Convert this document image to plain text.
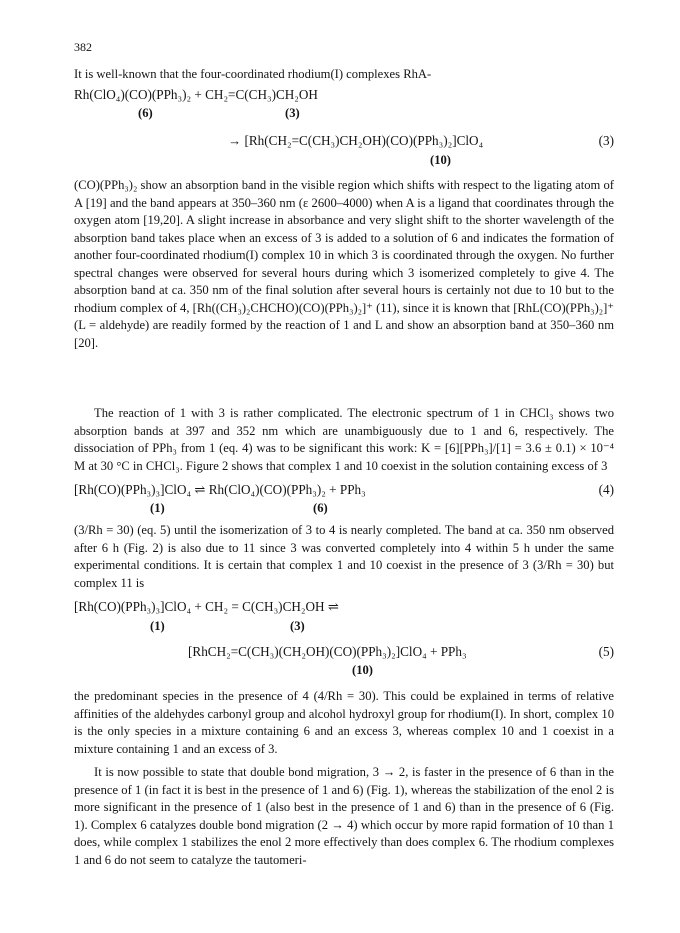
382

It is well-known that the four-coordinated rhodium(I) complexes RhA-

Rh(ClO₄)(CO)(PPh₃)₂ + CH₂=C(CH₃)CH₂OH
(6)	(3)
→ [Rh(CH₂=C(CH₃)CH₂OH)(CO)(PPh₃)₂]ClO₄
(10)
(3)

(CO)(PPh₃)₂ show an absorption band in the visible region which shifts with respect to the ligating atom of A [19] and the band appears at 350–360 nm (ε 2600–4000) when A is a ligand that coordinates through the oxygen atom [19,20]. A slight increase in absorbance and very slight shift to the shorter wavelength of the absorption band takes place when an excess of 3 is added to a solution of 6 and indicates the formation of another four-coordinated rhodium(I) complex 10 in which 3 is coordinated through the oxygen. No further spectral changes were observed for several hours during which 3 isomerized completely to give 4. The absorption band at ca. 350 nm of the final solution after several hours is certainly not due to 10 but to the rhodium complex of 4, [Rh((CH₃)₂CHCHO)(CO)(PPh₃)₂]⁺ (11), since it is known that [RhL(CO)(PPh₃)₂]⁺ (L = aldehyde) are readily formed by the reaction of 1 and L and show an absorption band at 350–360 nm [20].

The reaction of 1 with 3 is rather complicated. The electronic spectrum of 1 in CHCl₃ shows two absorption bands at 397 and 352 nm which are unambiguously due to 1 and 6, respectively. The dissociation of PPh₃ from 1 (eq. 4) was to be significant this work: K = [6][PPh₃]/[1] = 3.6 ± 0.1) × 10⁻⁴ M at 30 °C in CHCl₃. Figure 2 shows that complex 1 and 10 coexist in the solution containing excess of 3

[Rh(CO)(PPh₃)₃]ClO₄ ⇌ Rh(ClO₄)(CO)(PPh₃)₂ + PPh₃
(1)	(6)
(4)

(3/Rh = 30) (eq. 5) until the isomerization of 3 to 4 is nearly completed. The band at ca. 350 nm observed after 6 h (Fig. 2) is also due to 11 since 3 was converted completely into 4 within 5 h under the same experimental conditions. It is certain that complex 1 and 10 coexist in the presence of 3 (3/Rh = 30) but complex 11 is

[Rh(CO)(PPh₃)₃]ClO₄ + CH₂ = C(CH₃)CH₂OH ⇌
(1)	(3)
[RhCH₂=C(CH₃)(CH₂OH)(CO)(PPh₃)₂]ClO₄ + PPh₃
(10)
(5)

the predominant species in the presence of 4 (4/Rh = 30). This could be explained in terms of relative affinities of the aldehydes carbonyl group and alcohol hydroxyl group for rhodium(I). In short, complex 10 is the only species in a mixture containing 6 and an excess 3, whereas complex 10 and 1 coexist in a mixture containing 1 and an excess of 3.

It is now possible to state that double bond migration, 3 → 2, is faster in the presence of 6 than in the presence of 1 (in fact it is best in the presence of 1 and 6) (Fig. 1), whereas the stabilization of the enol 2 is more significant in the presence of 1 (also best in the presence of 1 and 6) than in the presence of 6 (Fig. 1). Complex 6 catalyzes double bond migration (2 → 4) which occur by more rapid formation of 10 than 1 does, while complex 1 stabilizes the enol 2 more effectively than does complex 6. The rhodium complexes 1 and 6 do not seem to catalyze the tautomeri-
